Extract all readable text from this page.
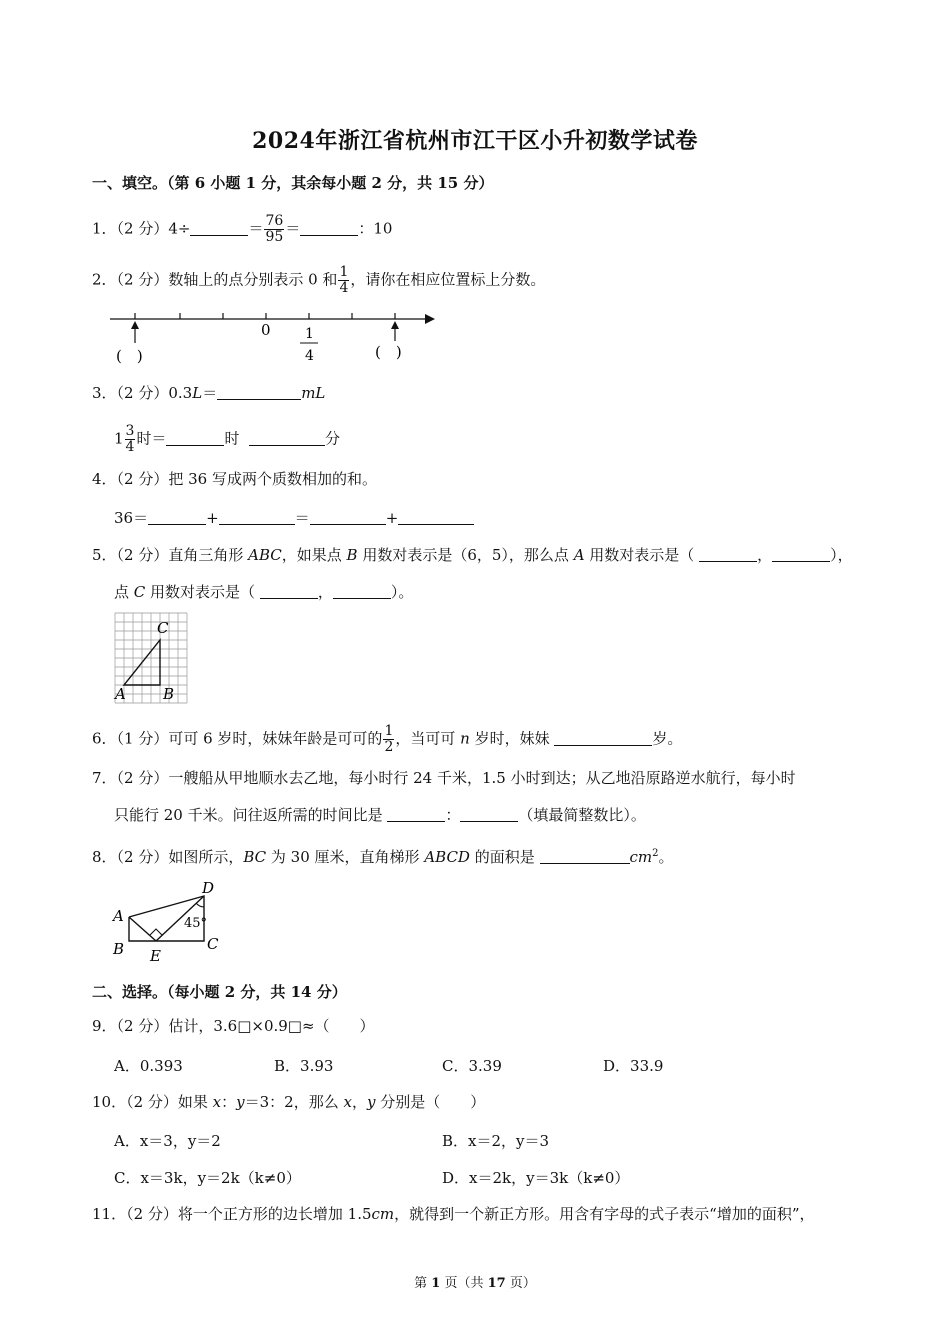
2024年浙江省杭州市江干区小升初数学试卷
一、填空。（第 6 小题 1 分，其余每小题 2 分，共 15 分）
1．（2 分）4÷	＝ $\frac{76}{95}$ ＝	：10
2．（2 分）数轴上的点分别表示 0 和 $\frac{1}{4}$ ，请你在相应位置标上分数。
0 1
4
(　)	(　)
3．（2 分）0.3L＝	mL
$1 \frac{3}{4}$ 时＝	时	分
4．（2 分）把 36 写成两个质数相加的和。
36＝	+	＝	+
5．（2 分）直角三角形 ABC，如果点 B 用数对表示是（6，5），那么点 A 用数对表示是（	，	），
点 C 用数对表示是（	，	）。
A B
C
6．（1 分）可可 6 岁时，妹妹年龄是可可的 $\frac{1}{2}$ ，当可可 n 岁时，妹妹	岁。
7．（2 分）一艘船从甲地顺水去乙地，每小时行 24 千米，1.5 小时到达；从乙地沿原路逆水航行，每小时
只能行 20 千米。问往返所需的时间比是	：	（填最简整数比）。
8．（2 分）如图所示，BC 为 30 厘米，直角梯形 ABCD 的面积是	$cm^2$。
A
B	C
D
E
45°
二、选择。（每小题 2 分，共 14 分）
9．（2 分）估计，3.6□×0.9□≈（　　）
A．0.393	B．3.93	C．3.39	D．33.9
10．（2 分）如果 x：y＝3：2，那么 x，y 分别是（　　）
A．x＝3，y＝2	B．x＝2，y＝3
C．x＝3k，y＝2k（k≠0）	D．x＝2k，y＝3k（k≠0）
11．（2 分）将一个正方形的边长增加 1.5cm，就得到一个新正方形。用含有字母的式子表示“增加的面积”，
第 1 页（共 17 页）
